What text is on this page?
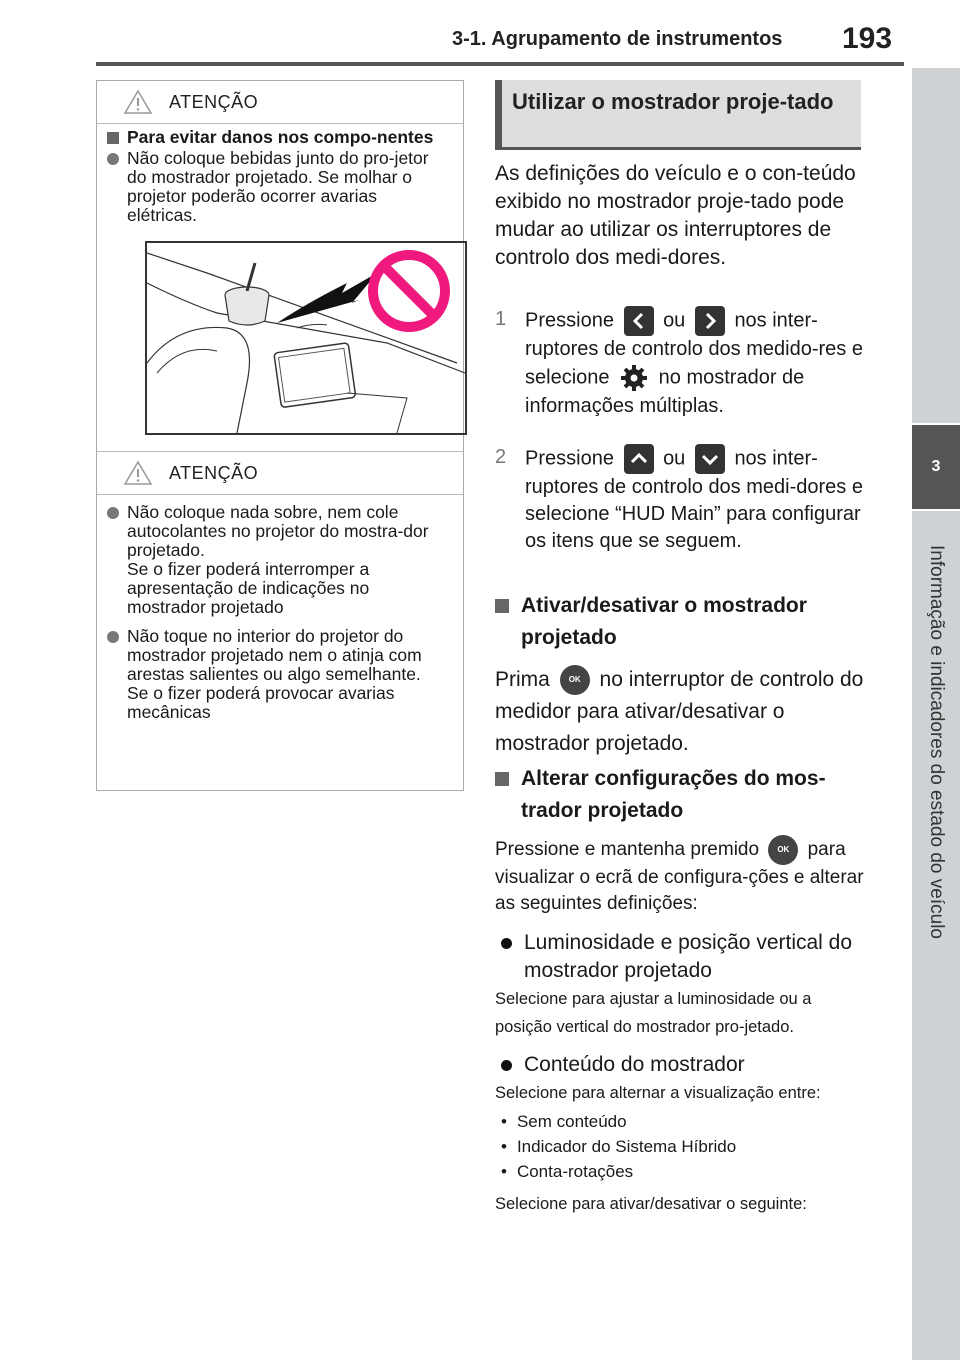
3-1. Agrupamento de instrumentos 193
3
Informação e indicadores do estado do veículo
ATENÇÃO
Para evitar danos nos compo-nentes
Não coloque bebidas junto do pro-jetor do mostrador projetado. Se molhar o projetor poderão ocorrer avarias elétricas.
ATENÇÃO
Não coloque nada sobre, nem cole autocolantes no projetor do mostra-dor projetado.
Se o fizer poderá interromper a apresentação de indicações no mostrador projetado
Não toque no interior do projetor do mostrador projetado nem o atinja com arestas salientes ou algo semelhante.
Se o fizer poderá provocar avarias mecânicas
Utilizar o mostrador proje-tado
As definições do veículo e o con-teúdo exibido no mostrador proje-tado pode mudar ao utilizar os interruptores de controlo dos medi-dores.
1 Pressione ou nos inter-ruptores de controlo dos medido-res e selecione no mostrador de informações múltiplas.
2 Pressione ou nos inter-ruptores de controlo dos medi-dores e selecione “HUD Main” para configurar os itens que se seguem.
Ativar/desativar o mostrador projetado
Prima OK no interruptor de controlo do medidor para ativar/desativar o mostrador projetado.
Alterar configurações do mos-trador projetado
Pressione e mantenha premido OK para visualizar o ecrã de configura-ções e alterar as seguintes definições:
Luminosidade e posição vertical do mostrador projetado
Selecione para ajustar a luminosidade ou a posição vertical do mostrador pro-jetado.
Conteúdo do mostrador
Selecione para alternar a visualização entre:
• Sem conteúdo
• Indicador do Sistema Híbrido
• Conta-rotações
Selecione para ativar/desativar o seguinte:
